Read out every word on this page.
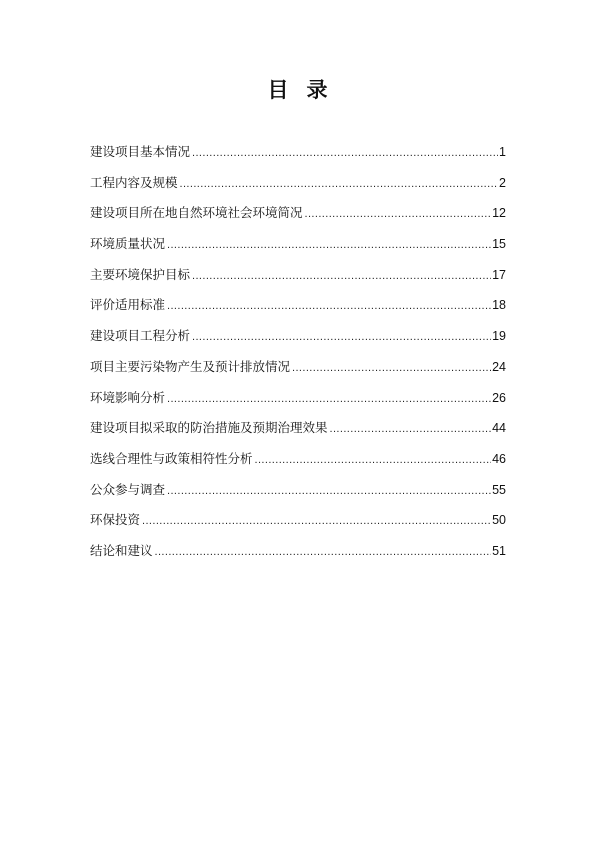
目录
建设项目基本情况 .....	1
工程内容及规模 .....	2
建设项目所在地自然环境社会环境简况 .....	12
环境质量状况 .....	15
主要环境保护目标 .....	17
评价适用标准 .....	18
建设项目工程分析 .....	19
项目主要污染物产生及预计排放情况 .....	24
环境影响分析 .....	26
建设项目拟采取的防治措施及预期治理效果 .....	44
选线合理性与政策相符性分析 .....	46
公众参与调查 .....	55
环保投资 .....	50
结论和建议 .....	51
